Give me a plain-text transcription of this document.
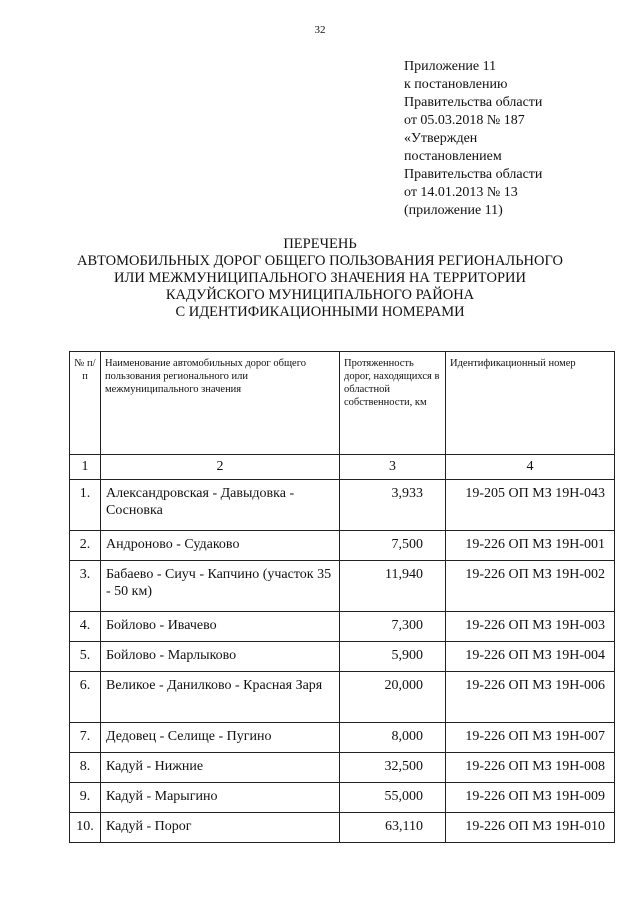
32
Приложение 11
к постановлению
Правительства области
от 05.03.2018 № 187
«Утвержден
постановлением
Правительства области
от 14.01.2013 № 13
(приложение 11)
ПЕРЕЧЕНЬ
АВТОМОБИЛЬНЫХ ДОРОГ ОБЩЕГО ПОЛЬЗОВАНИЯ РЕГИОНАЛЬНОГО
ИЛИ МЕЖМУНИЦИПАЛЬНОГО ЗНАЧЕНИЯ НА ТЕРРИТОРИИ
КАДУЙСКОГО МУНИЦИПАЛЬНОГО РАЙОНА
С ИДЕНТИФИКАЦИОННЫМИ НОМЕРАМИ
№ п/п	Наименование автомобильных дорог общего пользования регионального или межмуниципального значения	Протяженность дорог, находящихся в областной собственности, км	Идентификационный номер
1	2	3	4
1.	Александровская - Давыдовка - Сосновка	3,933	19-205 ОП МЗ 19Н-043
2.	Андроново - Судаково	7,500	19-226 ОП МЗ 19Н-001
3.	Бабаево - Сиуч - Капчино (участок 35 - 50 км)	11,940	19-226 ОП МЗ 19Н-002
4.	Бойлово - Ивачево	7,300	19-226 ОП МЗ 19Н-003
5.	Бойлово - Марлыково	5,900	19-226 ОП МЗ 19Н-004
6.	Великое - Данилково - Красная Заря	20,000	19-226 ОП МЗ 19Н-006
7.	Дедовец - Селище - Пугино	8,000	19-226 ОП МЗ 19Н-007
8.	Кадуй - Нижние	32,500	19-226 ОП МЗ 19Н-008
9.	Кадуй - Марыгино	55,000	19-226 ОП МЗ 19Н-009
10.	Кадуй - Порог	63,110	19-226 ОП МЗ 19Н-010
